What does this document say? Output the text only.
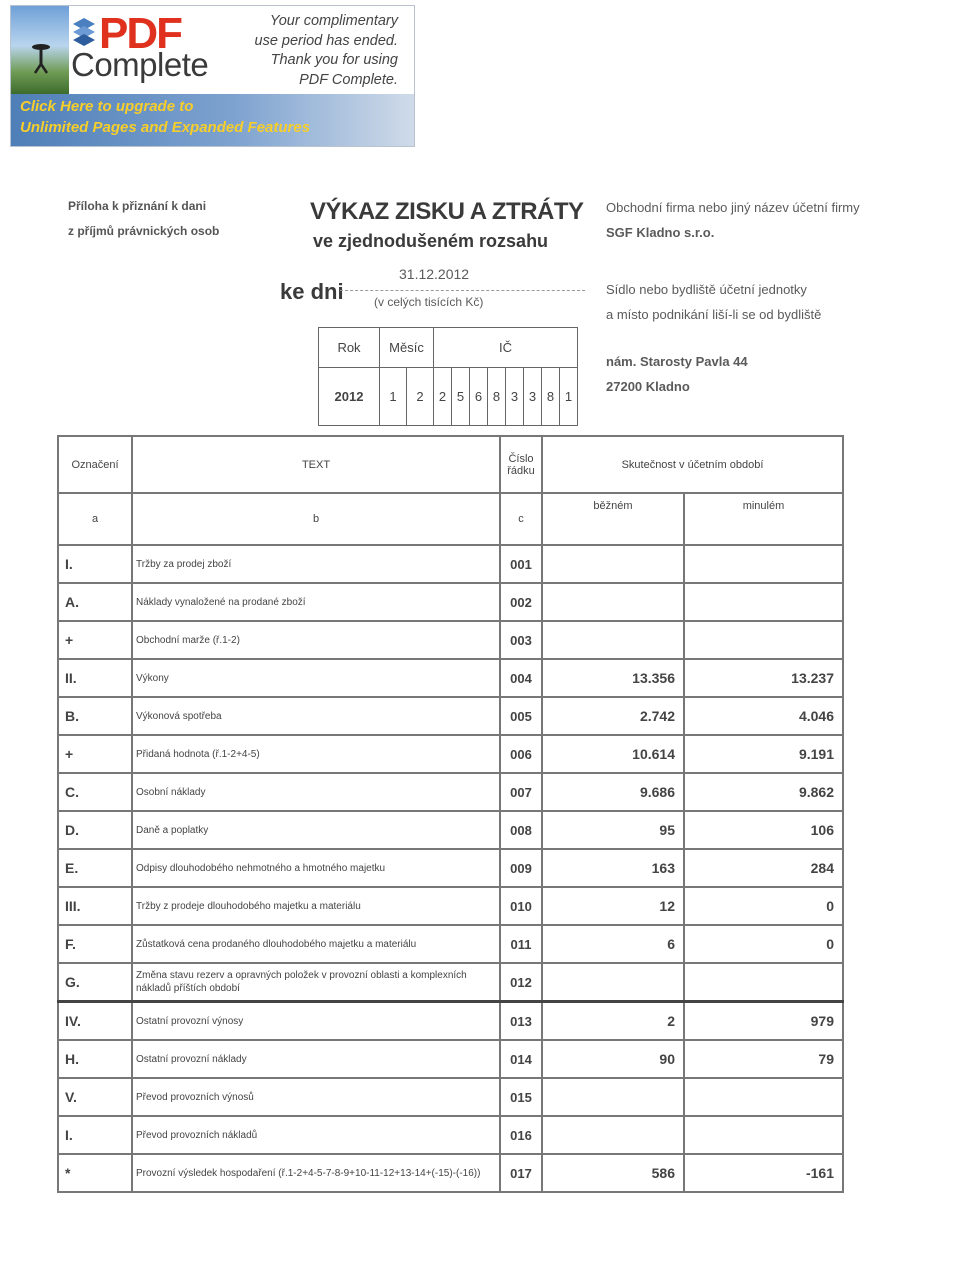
PDF
Complete
Your complimentary
use period has ended.
Thank you for using
PDF Complete.
Click Here to upgrade to
Unlimited Pages and Expanded Features
Příloha k přiznání k dani
z příjmů právnických osob
VÝKAZ ZISKU A ZTRÁTY
ve zjednodušeném rozsahu
ke dni
31.12.2012
(v celých tisících Kč)
Obchodní firma nebo jiný název účetní firmy
SGF Kladno s.r.o.
Sídlo nebo bydliště účetní jednotky
a místo podnikání liší-li se od bydliště
nám. Starosty Pavla 44
27200 Kladno
Rok	Měsíc		IČ							
2012	1	2	2	5	6	8	3	3	8	1
Označení	TEXT	Číslo řádku	Skutečnost v účetním období	
a	b	c	běžném	minulém
I.	Tržby za prodej zboží	001		
A.	Náklady vynaložené na prodané zboží	002		
+	Obchodní marže (ř.1-2)	003		
II.	Výkony	004	13.356	13.237
B.	Výkonová spotřeba	005	2.742	4.046
+	Přidaná hodnota (ř.1-2+4-5)	006	10.614	9.191
C.	Osobní náklady	007	9.686	9.862
D.	Daně a poplatky	008	95	106
E.	Odpisy dlouhodobého nehmotného a hmotného majetku	009	163	284
III.	Tržby z prodeje dlouhodobého majetku a materiálu	010	12	0
F.	Zůstatková cena prodaného dlouhodobého majetku a materiálu	011	6	0
G.	Změna stavu rezerv a opravných položek v provozní oblasti a komplexních nákladů příštích období	012		
IV.	Ostatní provozní výnosy	013	2	979
H.	Ostatní provozní náklady	014	90	79
V.	Převod provozních výnosů	015		
I.	Převod provozních nákladů	016		
*	Provozní výsledek hospodaření (ř.1-2+4-5-7-8-9+10-11-12+13-14+(-15)-(-16))	017	586	-161
